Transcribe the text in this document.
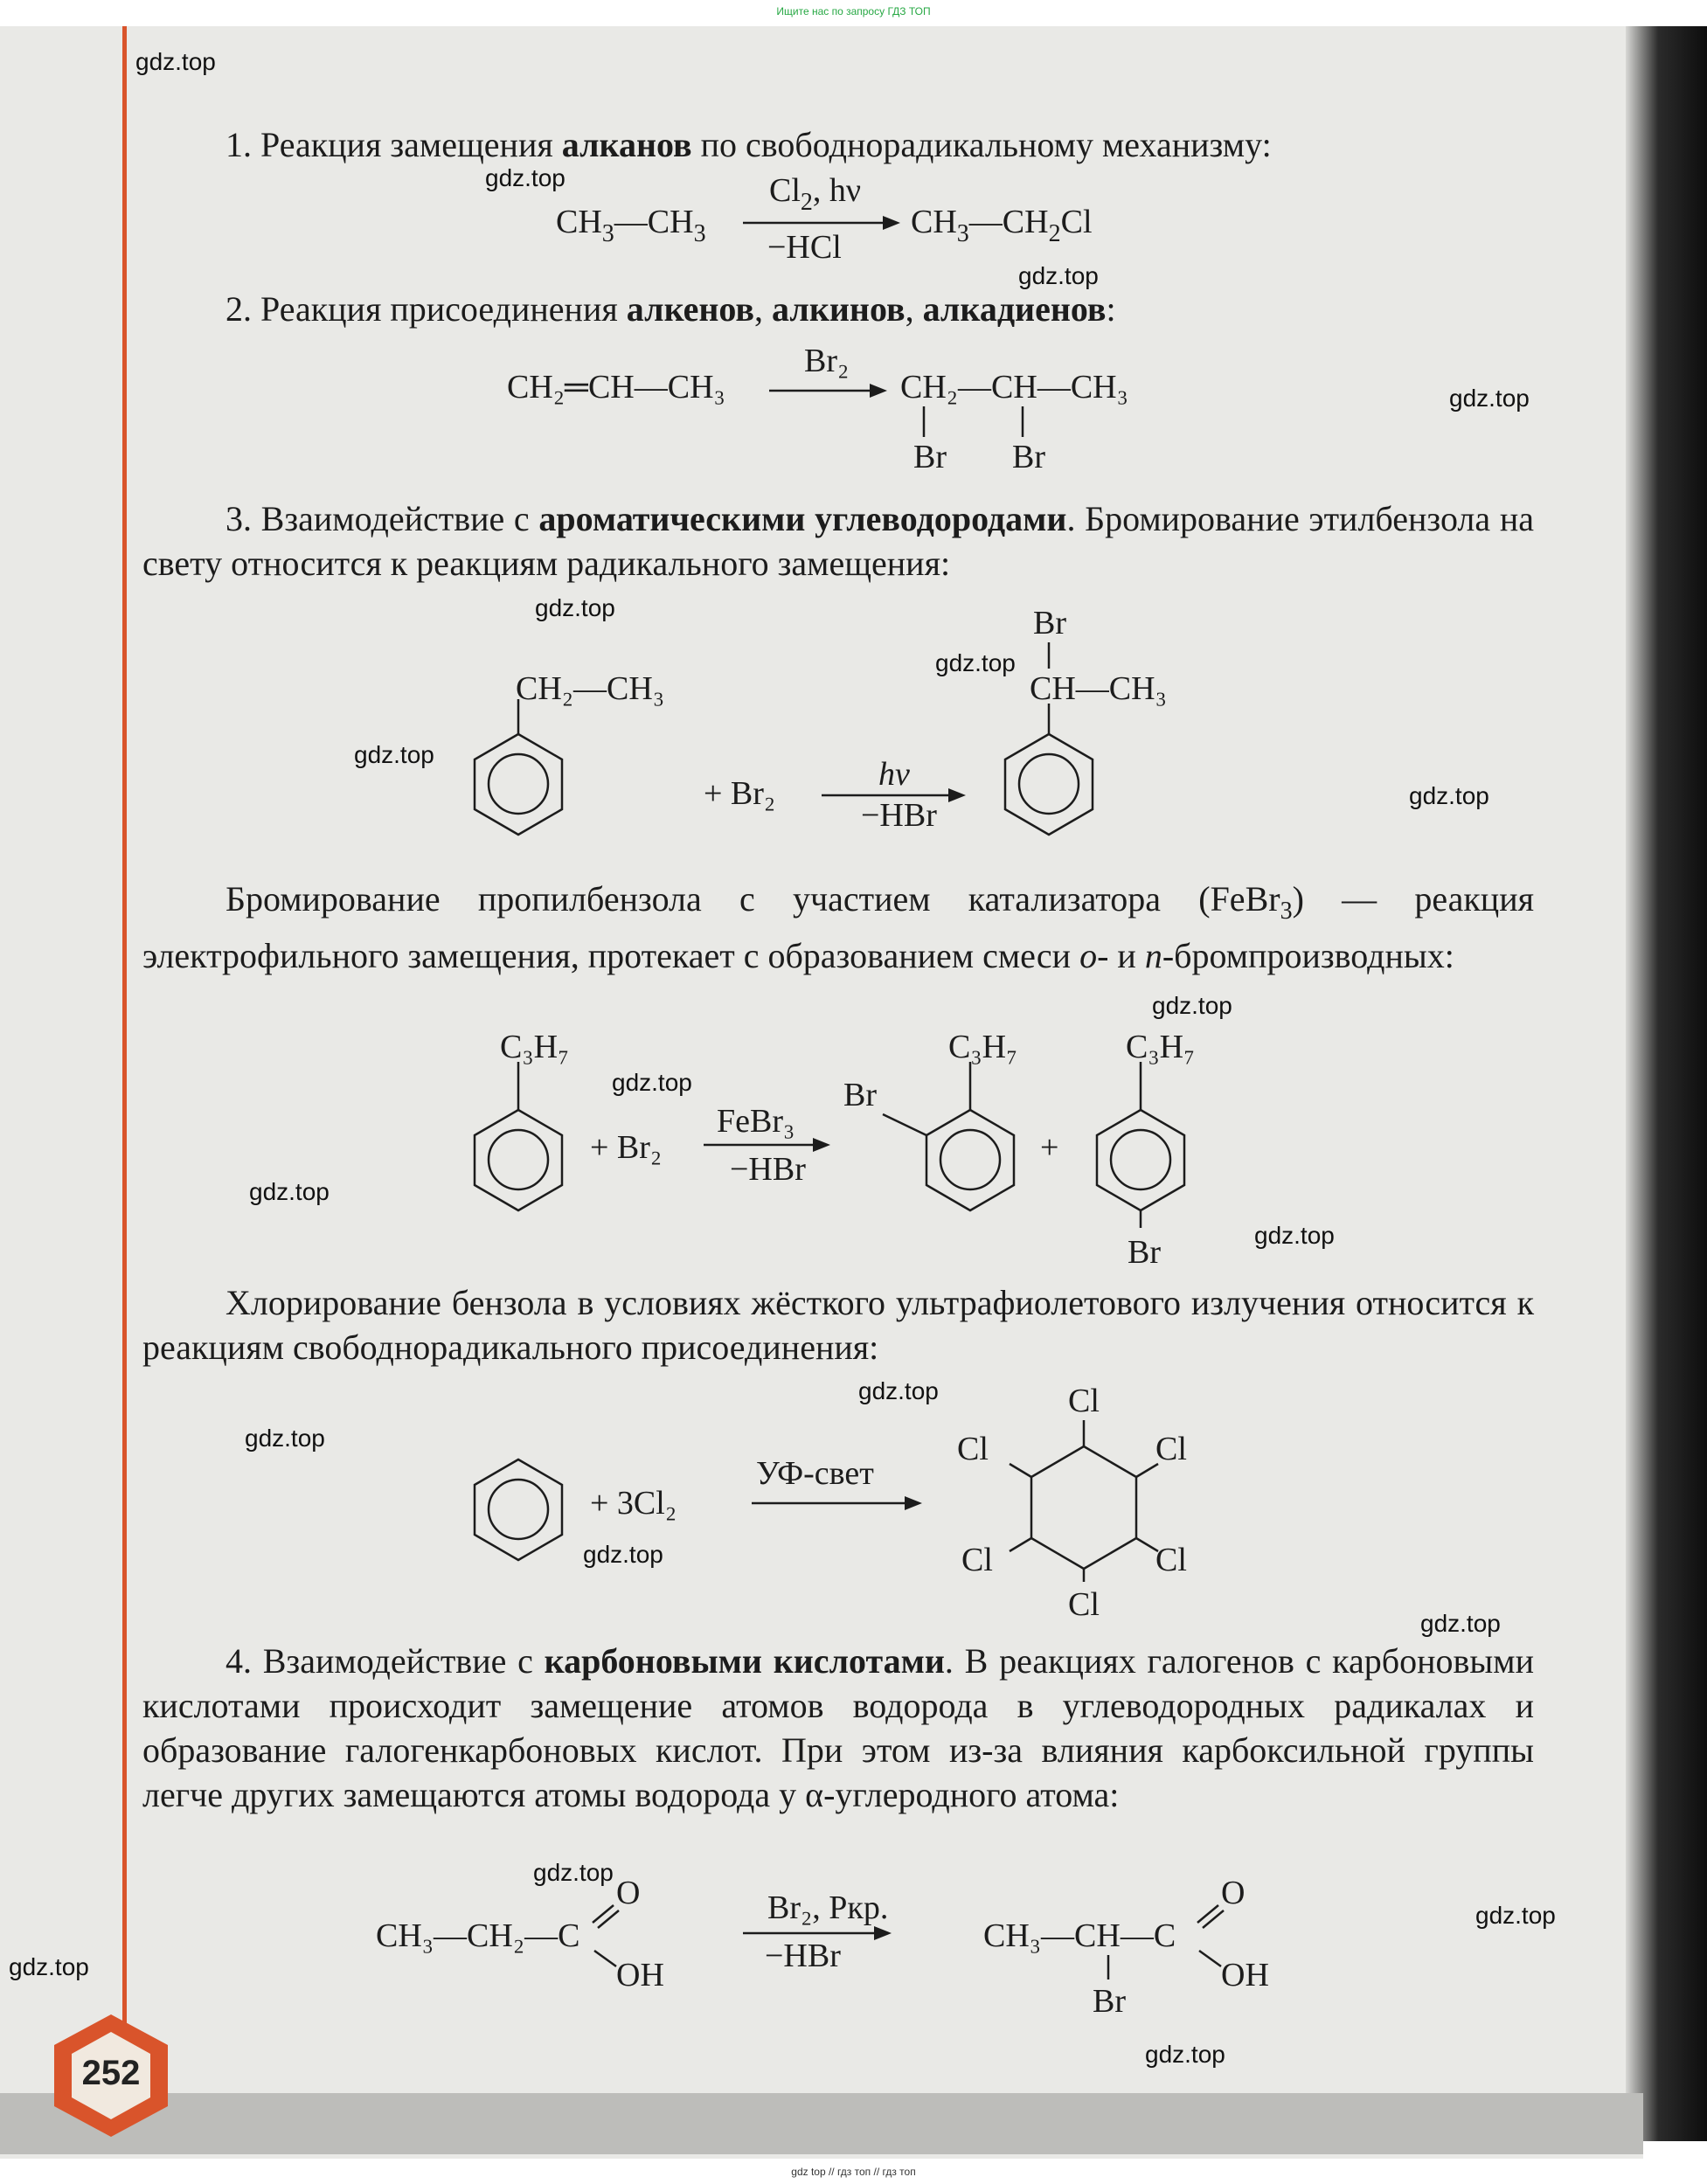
Ищите нас по запросу ГДЗ ТОП
gdz.top
gdz.top
gdz.top
gdz.top
gdz.top
gdz.top
gdz.top
gdz.top
gdz.top
gdz.top
gdz.top
gdz.top
gdz.top
gdz.top
gdz.top
gdz.top
gdz.top
gdz.top
gdz.top
gdz.top
1. Реакция замещения алканов по свободнорадикальному механизму:
$CH_3—CH_3$
$Cl_2$, hν
−HCl
$CH_3—CH_2Cl$
2. Реакция присоединения алкенов, алкинов, алкадиенов:
CH₂═CH—CH₃
Br₂
CH₂—CH—CH₃
Br Br
3. Взаимодействие с ароматическими углеводородами. Бромирование этилбензола на свету относится к реакциям радикального замещения:
CH₂—CH₃
+ Br₂
hν
−HBr
Br
CH—CH₃
Бромирование пропилбензола с участием катализатора (FeBr$_3$) — реакция электрофильного замещения, протекает с образованием смеси о- и п-бромпроизводных:
C₃H₇
+ Br₂
FeBr₃
−HBr
C₃H₇
Br
+
C₃H₇
Br
Хлорирование бензола в условиях жёсткого ультрафиолетового излучения относится к реакциям свободнорадикального присоединения:
+ 3Cl₂
УФ-свет
Cl
Cl
Cl
Cl
Cl
Cl
4. Взаимодействие с карбоновыми кислотами. В реакциях галогенов с карбоновыми кислотами происходит замещение атомов водорода в углеводородных радикалах и образование галогенкарбоновых кислот. При этом из-за влияния карбоксильной группы легче других замещаются атомы водорода у α-углеродного атома:
CH₃—CH₂—C
O
OH
Br₂, Pкр.
−HBr
CH₃—CH—C
O
OH
Br
252
gdz top // гдз топ // гдз топ
